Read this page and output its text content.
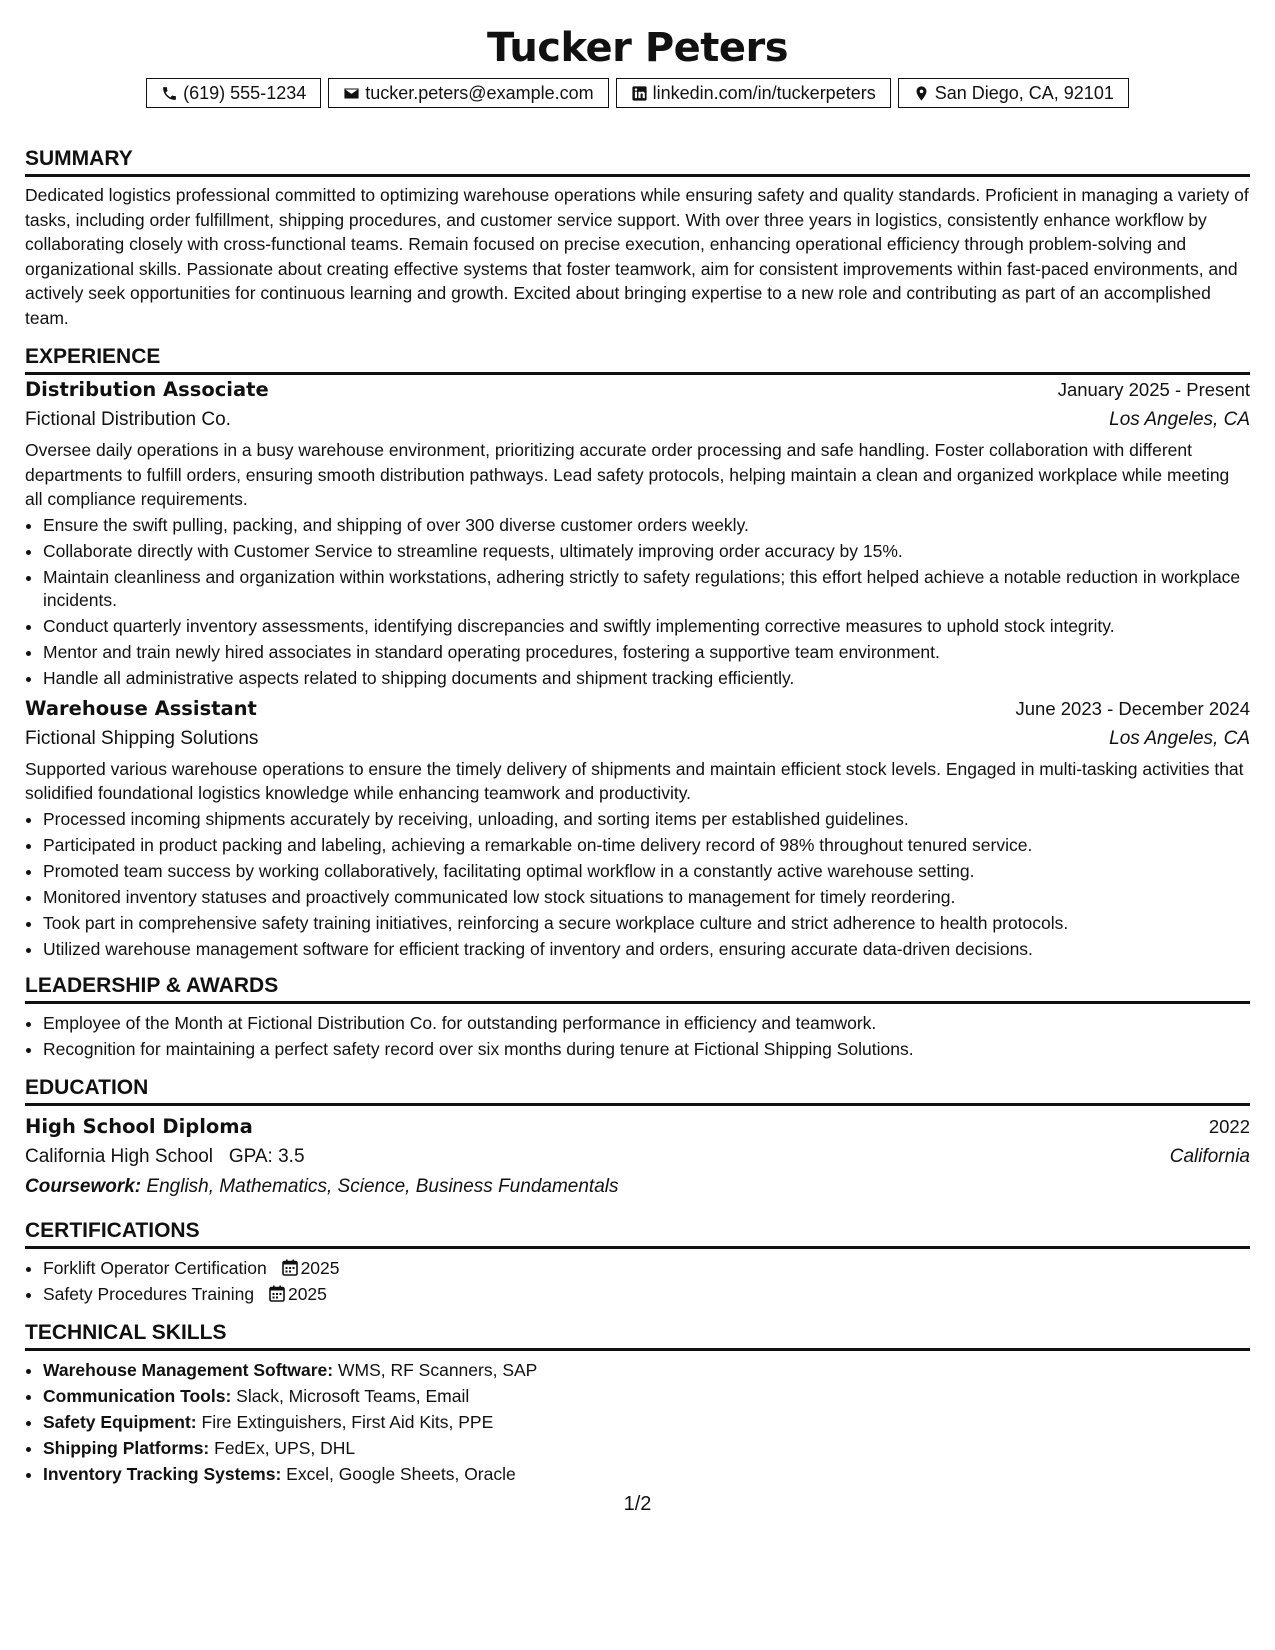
Tucker Peters
(619) 555-1234	tucker.peters@example.com	linkedin.com/in/tuckerpeters	San Diego, CA, 92101
SUMMARY

Dedicated logistics professional committed to optimizing warehouse operations while ensuring safety and quality standards. Proficient in managing a variety of tasks, including order fulfillment, shipping procedures, and customer service support. With over three years in logistics, consistently enhance workflow by collaborating closely with cross-functional teams. Remain focused on precise execution, enhancing operational efficiency through problem-solving and organizational skills. Passionate about creating effective systems that foster teamwork, aim for consistent improvements within fast-paced environments, and actively seek opportunities for continuous learning and growth. Excited about bringing expertise to a new role and contributing as part of an accomplished team.

EXPERIENCE
Distribution Associate	January 2025 - Present
Fictional Distribution Co.	Los Angeles, CA

Oversee daily operations in a busy warehouse environment, prioritizing accurate order processing and safe handling. Foster collaboration with different departments to fulfill orders, ensuring smooth distribution pathways. Lead safety protocols, helping maintain a clean and organized workplace while meeting all compliance requirements.

• Ensure the swift pulling, packing, and shipping of over 300 diverse customer orders weekly.
• Collaborate directly with Customer Service to streamline requests, ultimately improving order accuracy by 15%.
• Maintain cleanliness and organization within workstations, adhering strictly to safety regulations; this effort helped achieve a notable reduction in workplace incidents.
• Conduct quarterly inventory assessments, identifying discrepancies and swiftly implementing corrective measures to uphold stock integrity.
• Mentor and train newly hired associates in standard operating procedures, fostering a supportive team environment.
• Handle all administrative aspects related to shipping documents and shipment tracking efficiently.
Warehouse Assistant	June 2023 - December 2024
Fictional Shipping Solutions	Los Angeles, CA

Supported various warehouse operations to ensure the timely delivery of shipments and maintain efficient stock levels. Engaged in multi-tasking activities that solidified foundational logistics knowledge while enhancing teamwork and productivity.

• Processed incoming shipments accurately by receiving, unloading, and sorting items per established guidelines.
• Participated in product packing and labeling, achieving a remarkable on-time delivery record of 98% throughout tenured service.
• Promoted team success by working collaboratively, facilitating optimal workflow in a constantly active warehouse setting.
• Monitored inventory statuses and proactively communicated low stock situations to management for timely reordering.
• Took part in comprehensive safety training initiatives, reinforcing a secure workplace culture and strict adherence to health protocols.
• Utilized warehouse management software for efficient tracking of inventory and orders, ensuring accurate data-driven decisions.
LEADERSHIP & AWARDS
• Employee of the Month at Fictional Distribution Co. for outstanding performance in efficiency and teamwork.
• Recognition for maintaining a perfect safety record over six months during tenure at Fictional Shipping Solutions.
EDUCATION
High School Diploma	2022
California High School GPA: 3.5	California
Coursework: English, Mathematics, Science, Business Fundamentals
CERTIFICATIONS
• Forklift Operator Certification 2025
• Safety Procedures Training 2025
TECHNICAL SKILLS
• Warehouse Management Software: WMS, RF Scanners, SAP
• Communication Tools: Slack, Microsoft Teams, Email
• Safety Equipment: Fire Extinguishers, First Aid Kits, PPE
• Shipping Platforms: FedEx, UPS, DHL
• Inventory Tracking Systems: Excel, Google Sheets, Oracle
1/2
